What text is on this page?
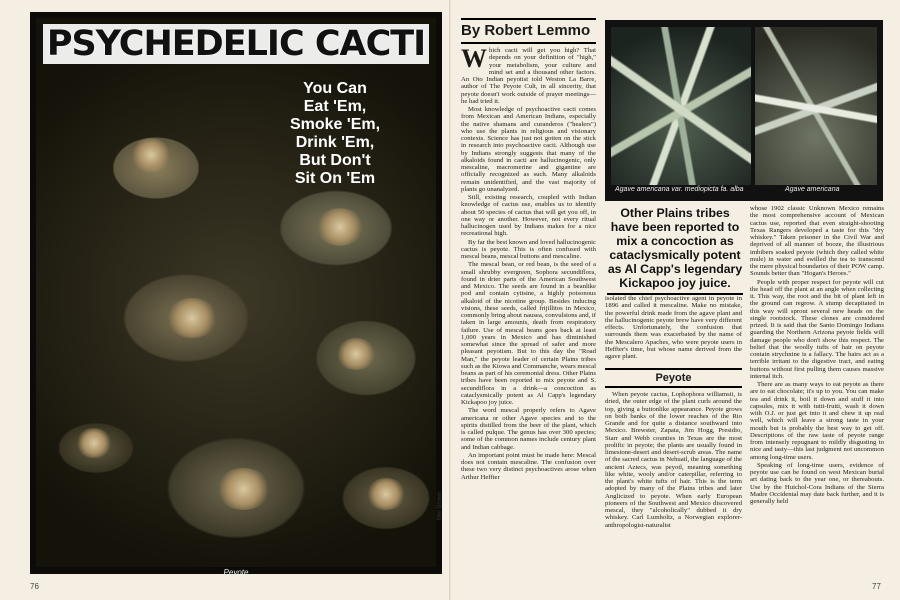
PSYCHEDELIC CACTI
You Can
Eat 'Em,
Smoke 'Em,
Drink 'Em,
But Don't
Sit On 'Em
Peyote
Mel Brown
76
By Robert Lemmo

Which cacti will get you high? That depends on your definition of "high," your metabolism, your culture and mind set and a thousand other factors. An Oto Indian peyotist told Weston La Barre, author of The Peyote Cult, in all sincerity, that peyote doesn't work outside of prayer meetings—he had tried it.

Most knowledge of psychoactive cacti comes from Mexican and American Indians, especially the native shamans and curanderos ("healers") who use the plants in religious and visionary contexts. Science has just not gotten on the stick in research into psychoactive cacti. Although use by Indians strongly suggests that many of the alkaloids found in cacti are hallucinogenic, only mescaline, macromerine and gigantine are officially recognized as such. Many alkaloids remain unidentified, and the vast majority of plants go unanalyzed.

Still, existing research, coupled with Indian knowledge of cactus use, enables us to identify about 50 species of cactus that will get you off, in one way or another. However, not every ritual hallucinogen used by Indians makes for a nice recreational high.

By far the best known and loved hallucinogenic cactus is peyote. This is often confused with mescal beans, mescal buttons and mescaline.

The mescal bean, or red bean, is the seed of a small shrubby evergreen, Sophora secundiflora, found in drier parts of the American Southwest and Mexico. The seeds are found in a beanlike pod and contain cytisine, a highly poisonous alkaloid of the nicotine group. Besides inducing visions, these seeds, called frijillitos in Mexico, commonly bring about nausea, convulsions and, if taken in large amounts, death from respiratory failure. Use of mescal beans goes back at least 1,000 years in Mexico and has diminished somewhat since the spread of safer and more pleasant peyotism. But to this day the "Road Man," the peyote leader of certain Plains tribes such as the Kiowa and Commanche, wears mescal beans as part of his ceremonial dress. Other Plains tribes have been reported to mix peyote and S. secundiflora in a drink—a concoction as cataclysmically potent as Al Capp's legendary Kickapoo joy juice.

The word mescal properly refers to Agave americana or other Agave species and to the spirits distilled from the beer of the plant, which is called pulque. The genus has over 300 species; some of the common names include century plant and Indian cabbage.

An important point must be made here: Mescal does not contain mescaline. The confusion over these two very distinct psychoactives arose when Arthur Heffter

Agave americana var. mediopicta fa. alba	Agave americana
Other Plains tribes have been reported to mix a concoction as cataclysmically potent as Al Capp's legendary Kickapoo joy juice.

isolated the chief psychoactive agent in peyote in 1896 and called it mescaline. Make no mistake, the powerful drink made from the agave plant and the hallucinogenic peyote brew have very different effects. Unfortunately, the confusion that surrounds them was exacerbated by the name of the Mescalero Apaches, who were peyote users in Heffter's time, but whose name derived from the agave plant.

Peyote

When peyote cactus, Lophophora williamsii, is dried, the outer edge of the plant curls around the top, giving a buttonlike appearance. Peyote grows on both banks of the lower reaches of the Rio Grande and for quite a distance southward into Mexico. Brewster, Zapata, Jim Hogg, Presidio, Starr and Webb counties in Texas are the most prolific in peyote; the plants are usually found in limestone-desert and desert-scrub areas. The name of the sacred cactus in Nehuatl, the language of the ancient Aztecs, was peyotl, meaning something like white, wooly and/or caterpillar, referring to the plant's white tufts of hair. This is the term adopted by many of the Plains tribes and later Anglicized to peyote. When early European pioneers of the Southwest and Mexico discovered mescal, they "alcoholically" dubbed it dry whiskey. Carl Lumholtz, a Norwegian explorer-anthropologist-naturalist

whose 1902 classic Unknown Mexico remains the most comprehensive account of Mexican cactus use, reported that even straight-shooting Texas Rangers developed a taste for this "dry whiskey." Taken prisoner in the Civil War and deprived of all manner of booze, the illustrious imbibers soaked peyote (which they called white mule) in water and swilled the tea to transcend the mere physical boundaries of their POW camp. Sounds better than "Hogan's Heroes."

People with proper respect for peyote will cut the head off the plant at an angle when collecting it. This way, the root and the bit of plant left in the ground can regrow. A stump decapitated in this way will sprout several new heads on the single rootstock. These clones are considered prized. It is said that the Santo Domingo Indians guarding the Northern Arizona peyote fields will damage people who don't show this respect. The belief that the woolly tufts of hair on peyote contain strychnine is a fallacy. The hairs act as a terrible irritant to the digestive tract, and eating buttons without first pulling them causes massive internal itch.

There are as many ways to eat peyote as there are to eat chocolate; it's up to you. You can make tea and drink it, boil it down and stuff it into capsules, mix it with tutti-frutti, wash it down with O.J. or just get into it and chew it up real well, which will leave a strong taste in your mouth but is probably the best way to get off. Descriptions of the raw taste of peyote range from intensely repugnant to mildly disgusting to nice and tasty—this last judgment not uncommon among long-time users.

Speaking of long-time users, evidence of peyote use can be found on west Mexican burial art dating back to the year one, or thereabouts. Use by the Huichol-Cora Indians of the Sierra Madre Occidental may date back further, and it is generally held

77
